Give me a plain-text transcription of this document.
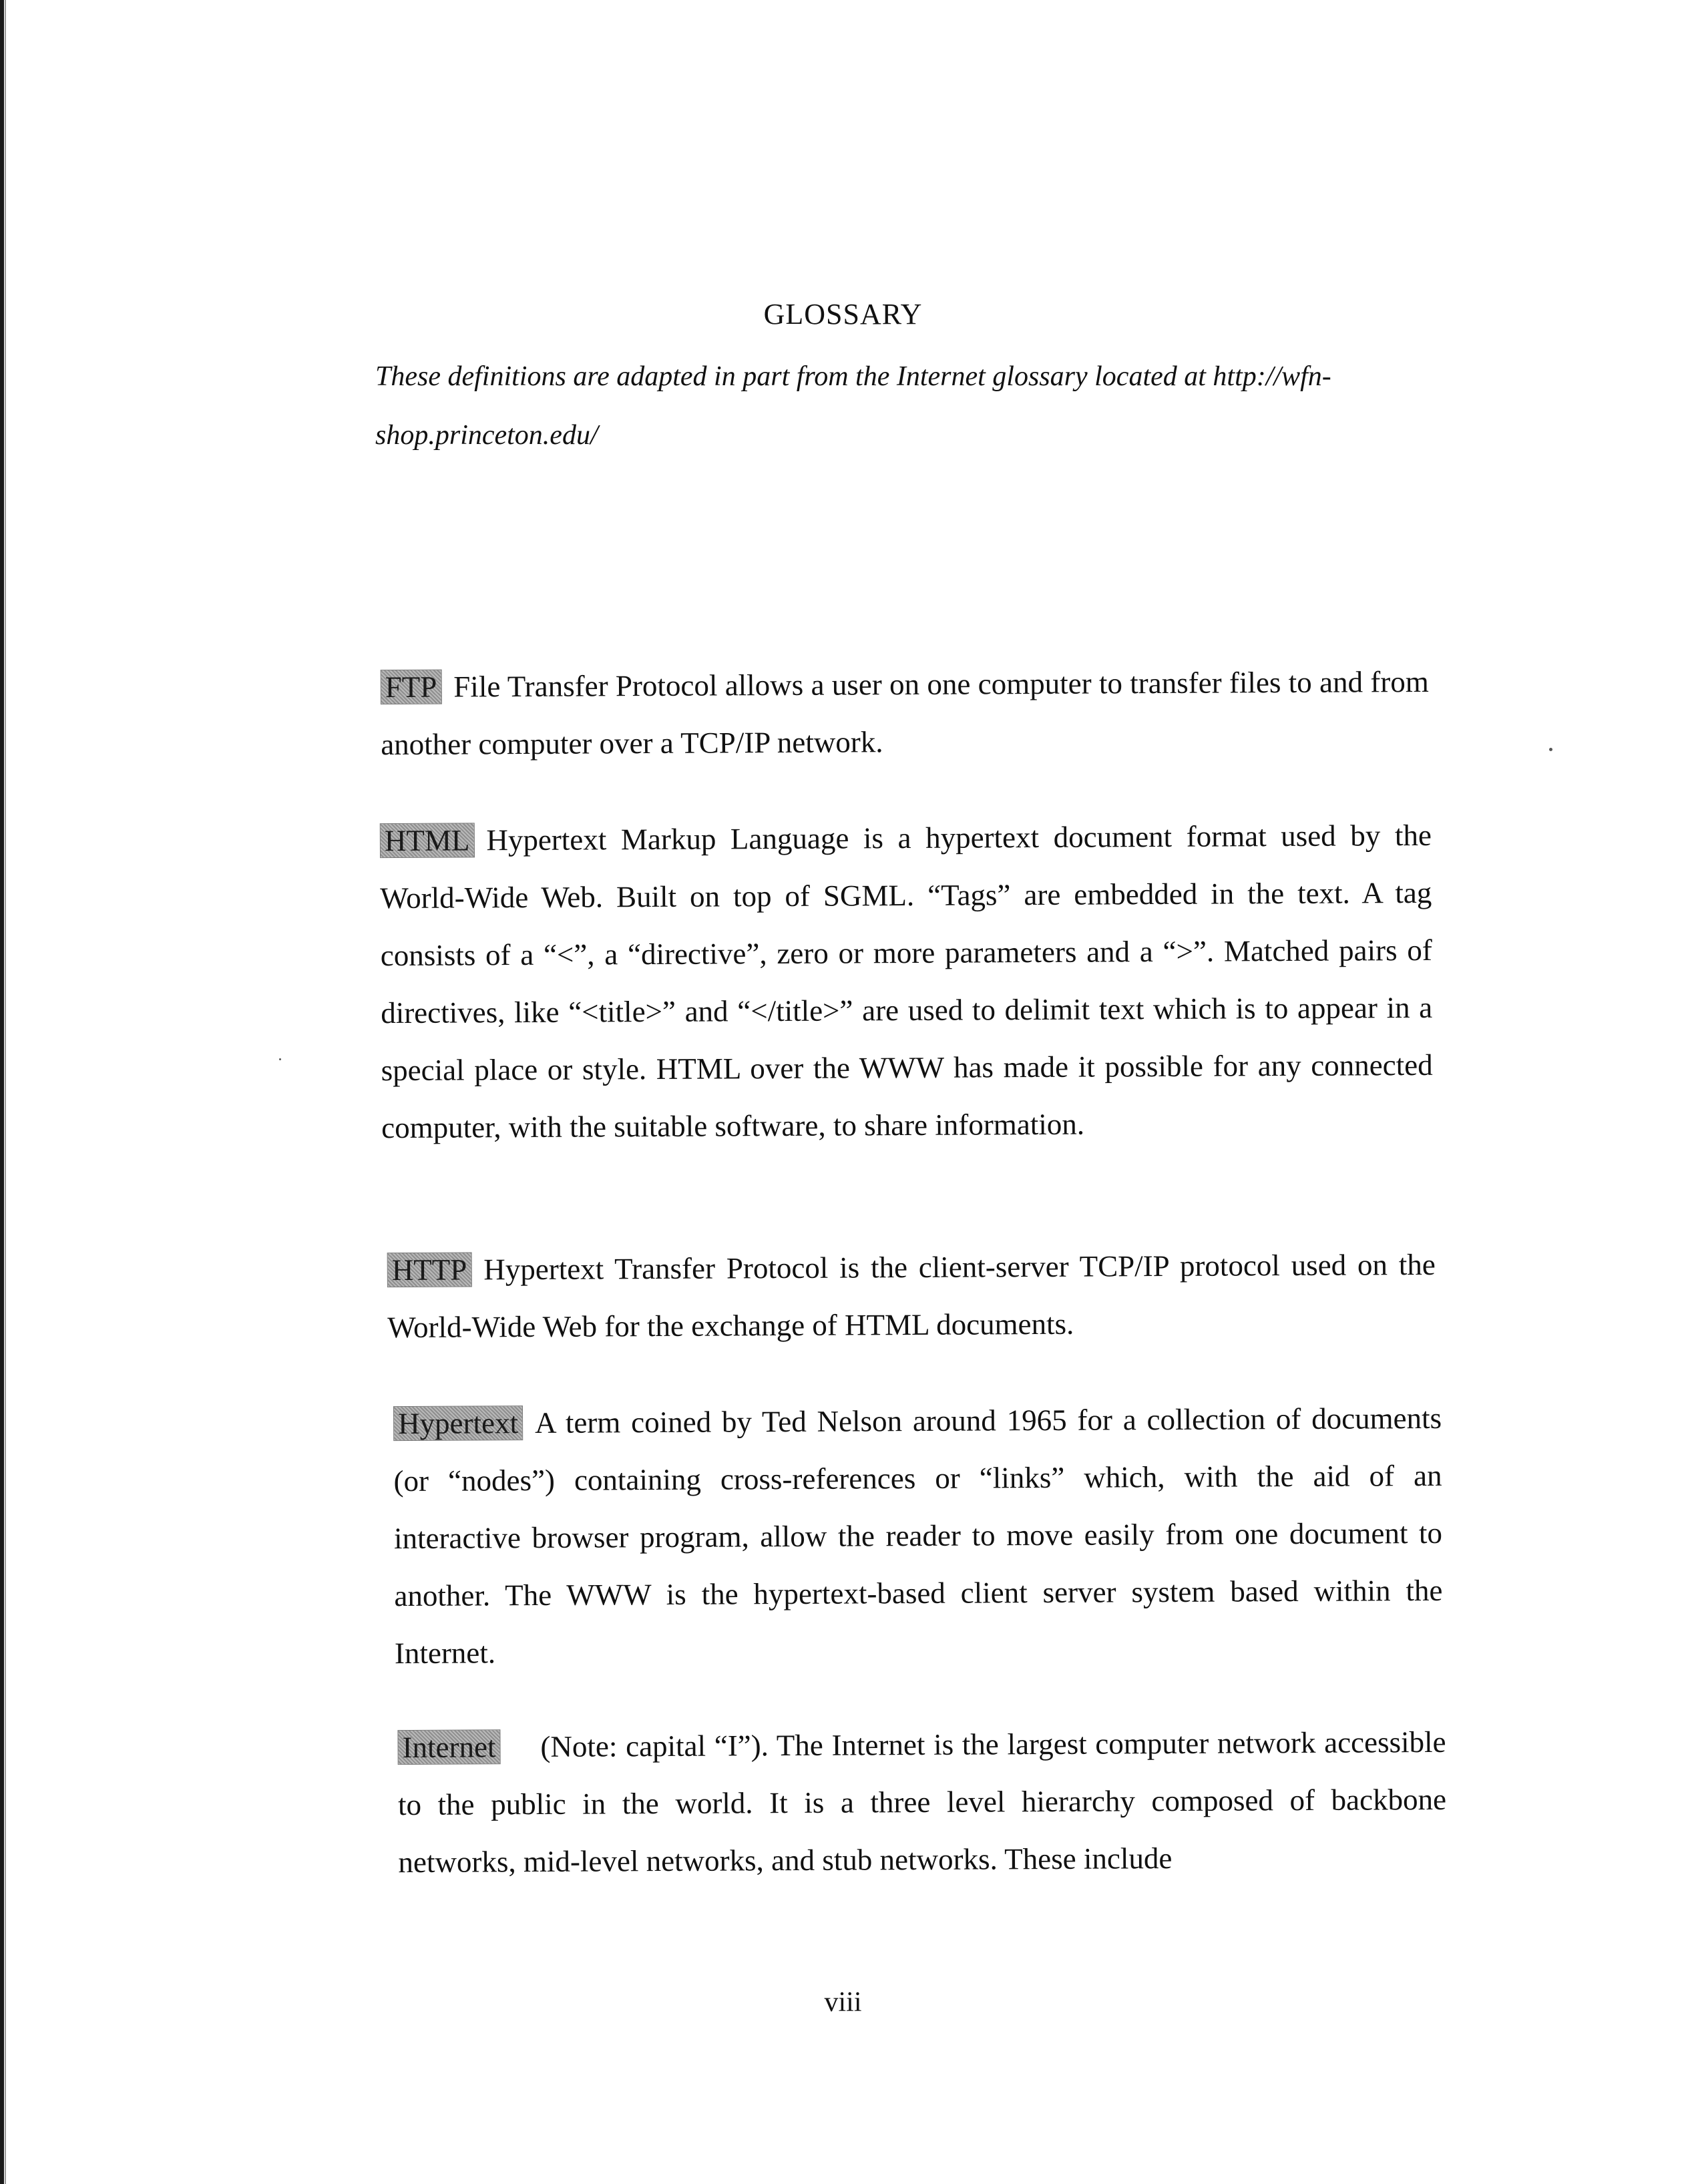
GLOSSARY
These definitions are adapted in part from the Internet glossary located at http://wfn-shop.princeton.edu/
FTP File Transfer Protocol allows a user on one computer to transfer files to and from another computer over a TCP/IP network.
HTML Hypertext Markup Language is a hypertext document format used by the World-Wide Web. Built on top of SGML. “Tags” are embedded in the text. A tag consists of a “<”, a “directive”, zero or more parameters and a “>”. Matched pairs of directives, like “<title>” and “</title>” are used to delimit text which is to appear in a special place or style. HTML over the WWW has made it possible for any connected computer, with the suitable software, to share information.
HTTP Hypertext Transfer Protocol is the client-server TCP/IP protocol used on the World-Wide Web for the exchange of HTML documents.
Hypertext A term coined by Ted Nelson around 1965 for a collection of documents (or “nodes”) containing cross-references or “links” which, with the aid of an interactive browser program, allow the reader to move easily from one document to another. The WWW is the hypertext-based client server system based within the Internet.
Internet (Note: capital “I”). The Internet is the largest computer network accessible to the public in the world. It is a three level hierarchy composed of backbone networks, mid-level networks, and stub networks. These include
viii
